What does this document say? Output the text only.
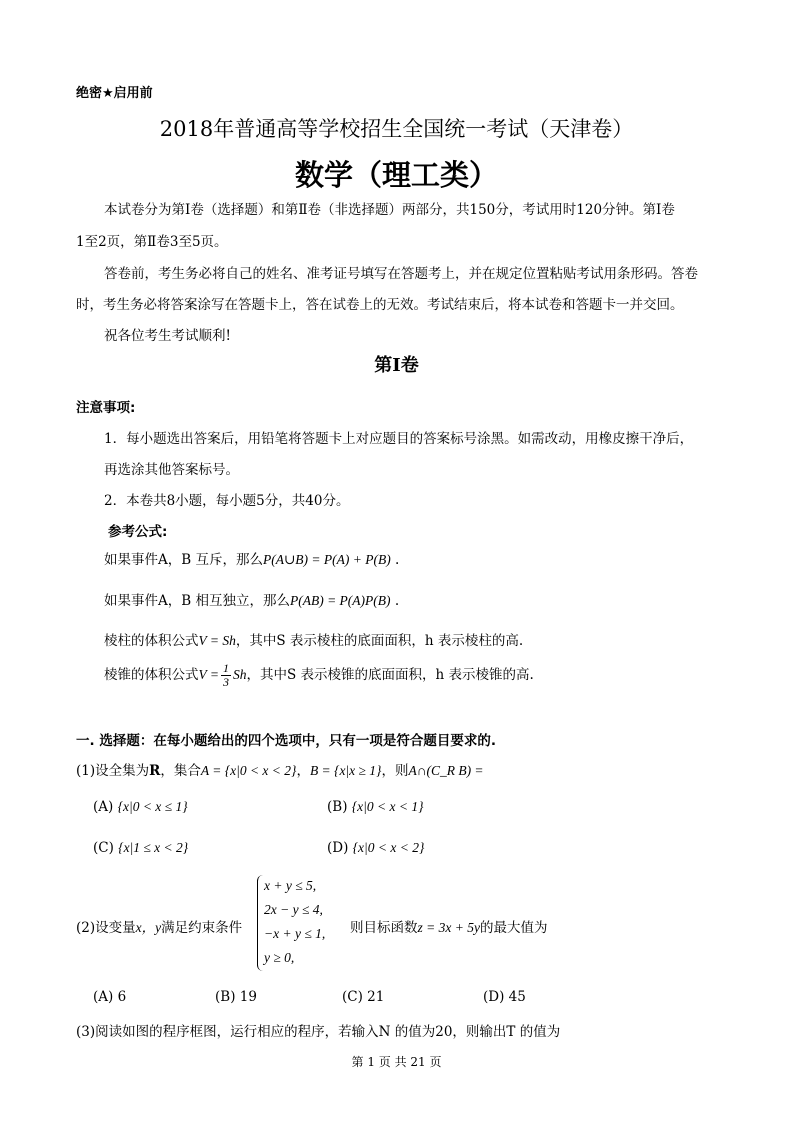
绝密★启用前
2018年普通高等学校招生全国统一考试（天津卷）
数学（理工类）
本试卷分为第Ⅰ卷（选择题）和第Ⅱ卷（非选择题）两部分，共150分，考试用时120分钟。第Ⅰ卷
1至2页，第Ⅱ卷3至5页。
答卷前，考生务必将自己的姓名、准考证号填写在答题考上，并在规定位置粘贴考试用条形码。答卷
时，考生务必将答案涂写在答题卡上，答在试卷上的无效。考试结束后，将本试卷和答题卡一并交回。
祝各位考生考试顺利!
第Ⅰ卷
注意事项:
1．每小题选出答案后，用铅笔将答题卡上对应题目的答案标号涂黑。如需改动，用橡皮擦干净后，
再选涂其他答案标号。
2．本卷共8小题，每小题5分，共40分。
参考公式:
如果事件A，B 互斥，那么P(A∪B) = P(A) + P(B) .
如果事件A，B 相互独立，那么P(AB) = P(A)P(B) .
棱柱的体积公式V = Sh，其中S 表示棱柱的底面面积，h 表示棱柱的高.
棱锥的体积公式$V = \frac{1}{3}$ Sh，其中S 表示棱锥的底面面积，h 表示棱锥的高.
一. 选择题：在每小题给出的四个选项中，只有一项是符合题目要求的.
(1)设全集为R，集合A = {x|0 < x < 2}，B = {x|x ≥ 1}，则A∩(C_R B) =
(A) {x|0 < x ≤ 1}	(B) {x|0 < x < 1}
(C) {x|1 ≤ x < 2}	(D) {x|0 < x < 2}
(2)设变量x，y满足约束条件
x + y ≤ 5,
2x − y ≤ 4,
−x + y ≤ 1,
y ≥ 0,
则目标函数z = 3x + 5y的最大值为
(A) 6	(B) 19	(C) 21	(D) 45
(3)阅读如图的程序框图，运行相应的程序，若输入N 的值为20，则输出T 的值为
第 1 页 共 21 页
